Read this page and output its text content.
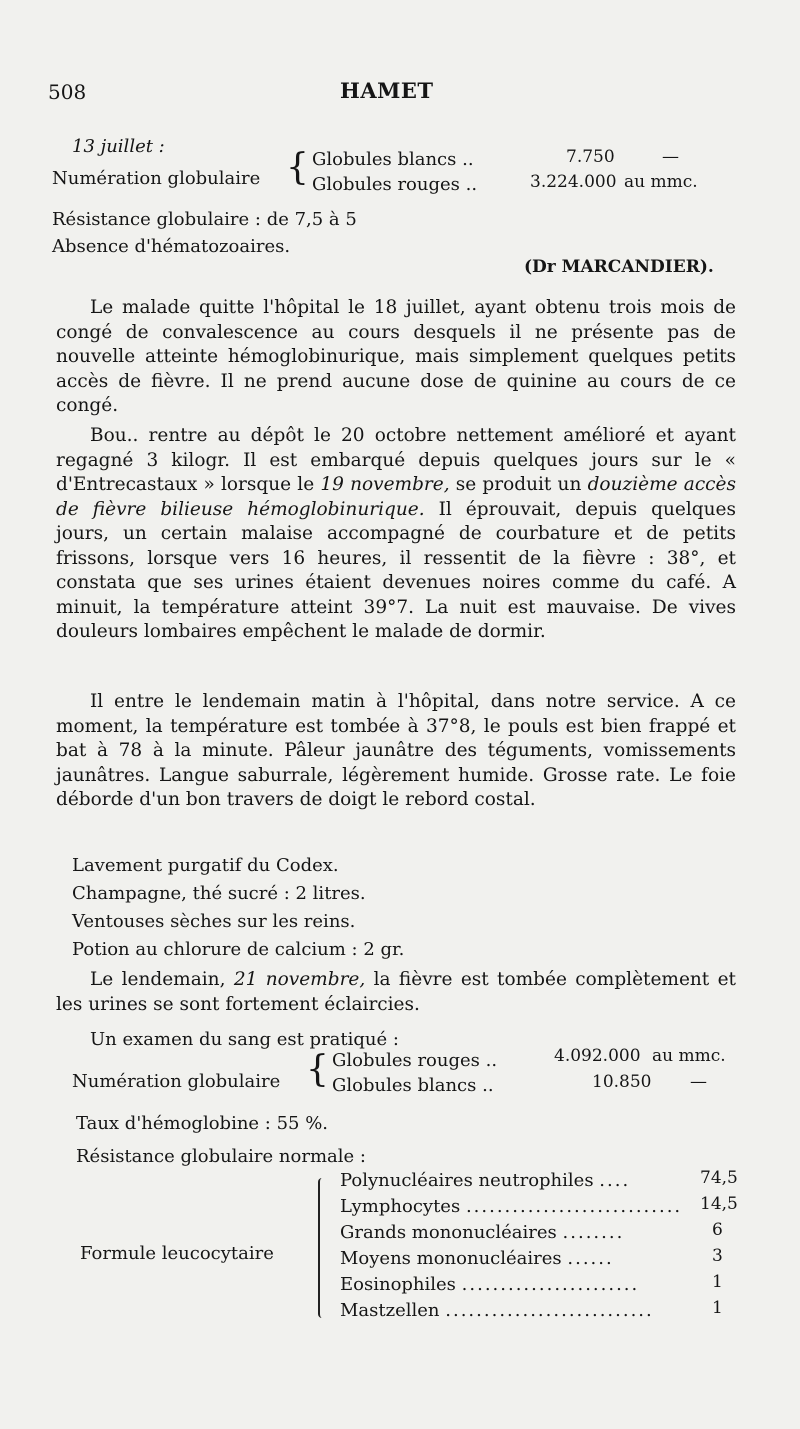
508	HAMET
13 juillet :
Numération globulaire { Globules blancs ..	7.750	—
Globules rouges ..	3.224.000 au mmc.
Résistance globulaire : de 7,5 à 5
Absence d'hématozoaires.
(Dr MARCANDIER).

Le malade quitte l'hôpital le 18 juillet, ayant obtenu trois mois de congé de convalescence au cours desquels il ne présente pas de nouvelle atteinte hémoglobinurique, mais simplement quelques petits accès de fièvre. Il ne prend aucune dose de quinine au cours de ce congé.

Bou.. rentre au dépôt le 20 octobre nettement amélioré et ayant regagné 3 kilogr. Il est embarqué depuis quelques jours sur le « d'Entrecastaux » lorsque le 19 novembre, se produit un douzième accès de fièvre bilieuse hémoglobinurique. Il éprouvait, depuis quelques jours, un certain malaise accompagné de courbature et de petits frissons, lorsque vers 16 heures, il ressentit de la fièvre : 38°, et constata que ses urines étaient devenues noires comme du café. A minuit, la température atteint 39°7. La nuit est mauvaise. De vives douleurs lombaires empêchent le malade de dormir.

Il entre le lendemain matin à l'hôpital, dans notre service. A ce moment, la température est tombée à 37°8, le pouls est bien frappé et bat à 78 à la minute. Pâleur jaunâtre des téguments, vomissements jaunâtres. Langue saburrale, légèrement humide. Grosse rate. Le foie déborde d'un bon travers de doigt le rebord costal.

Lavement purgatif du Codex.
Champagne, thé sucré : 2 litres.
Ventouses sèches sur les reins.
Potion au chlorure de calcium : 2 gr.

Le lendemain, 21 novembre, la fièvre est tombée complètement et les urines se sont fortement éclaircies.

Un examen du sang est pratiqué :
Numération globulaire { Globules rouges ..	4.092.000 au mmc.
Globules blancs ..	10.850 —
Taux d'hémoglobine : 55 %.
Résistance globulaire normale :
Formule leucocytaire
Polynucléaires neutrophiles ....	74,5
Lymphocytes ............................ 14,5
Grands mononucléaires ........	6
Moyens mononucléaires ......	3
Eosinophiles .......................	1
Mastzellen ...........................	1
